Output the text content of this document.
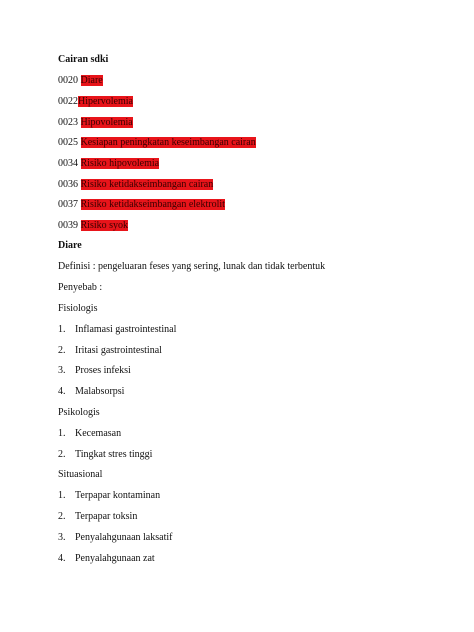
Cairan sdki
0020 Diare
0022Hipervolemia
0023 Hipovolemia
0025 Kesiapan peningkatan keseimbangan cairan
0034 Risiko hipovolemia
0036 Risiko ketidakseimbangan cairan
0037 Risiko ketidakseimbangan elektrolit
0039 Risiko syok
Diare
Definisi : pengeluaran feses yang sering, lunak dan tidak terbentuk
Penyebab :
Fisiologis
1. Inflamasi gastrointestinal
2. Iritasi gastrointestinal
3. Proses infeksi
4. Malabsorpsi
Psikologis
1. Kecemasan
2. Tingkat stres tinggi
Situasional
1. Terpapar kontaminan
2. Terpapar toksin
3. Penyalahgunaan laksatif
4. Penyalahgunaan zat
